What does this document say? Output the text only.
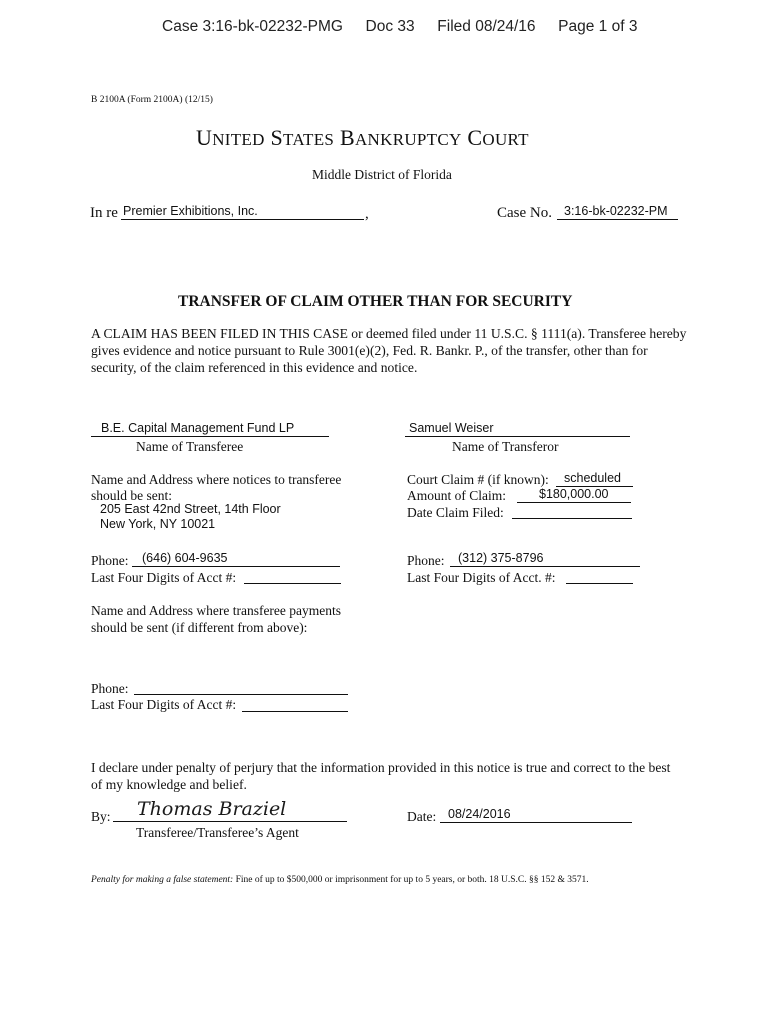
Case 3:16-bk-02232-PMG Doc 33 Filed 08/24/16 Page 1 of 3
B 2100A (Form 2100A) (12/15)
UNITED STATES BANKRUPTCY COURT
Middle District of Florida
In re Premier Exhibitions, Inc.	,	Case No. 3:16-bk-02232-PM
TRANSFER OF CLAIM OTHER THAN FOR SECURITY
A CLAIM HAS BEEN FILED IN THIS CASE or deemed filed under 11 U.S.C. § 1111(a). Transferee hereby gives evidence and notice pursuant to Rule 3001(e)(2), Fed. R. Bankr. P., of the transfer, other than for security, of the claim referenced in this evidence and notice.
B.E. Capital Management Fund LP
Name of Transferee
Samuel Weiser
Name of Transferor
Name and Address where notices to transferee
should be sent:
205 East 42nd Street, 14th Floor
New York, NY 10021
Court Claim # (if known): scheduled
Amount of Claim:	$180,000.00
Date Claim Filed:
Phone: (646) 604-9635
Last Four Digits of Acct #:
Phone: (312) 375-8796
Last Four Digits of Acct. #:
Name and Address where transferee payments
should be sent (if different from above):
Phone:
Last Four Digits of Acct #:
I declare under penalty of perjury that the information provided in this notice is true and correct to the best of my knowledge and belief.
By: Thomas Braziel
Transferee/Transferee’s Agent
Date: 08/24/2016
Penalty for making a false statement: Fine of up to $500,000 or imprisonment for up to 5 years, or both. 18 U.S.C. §§ 152 & 3571.
